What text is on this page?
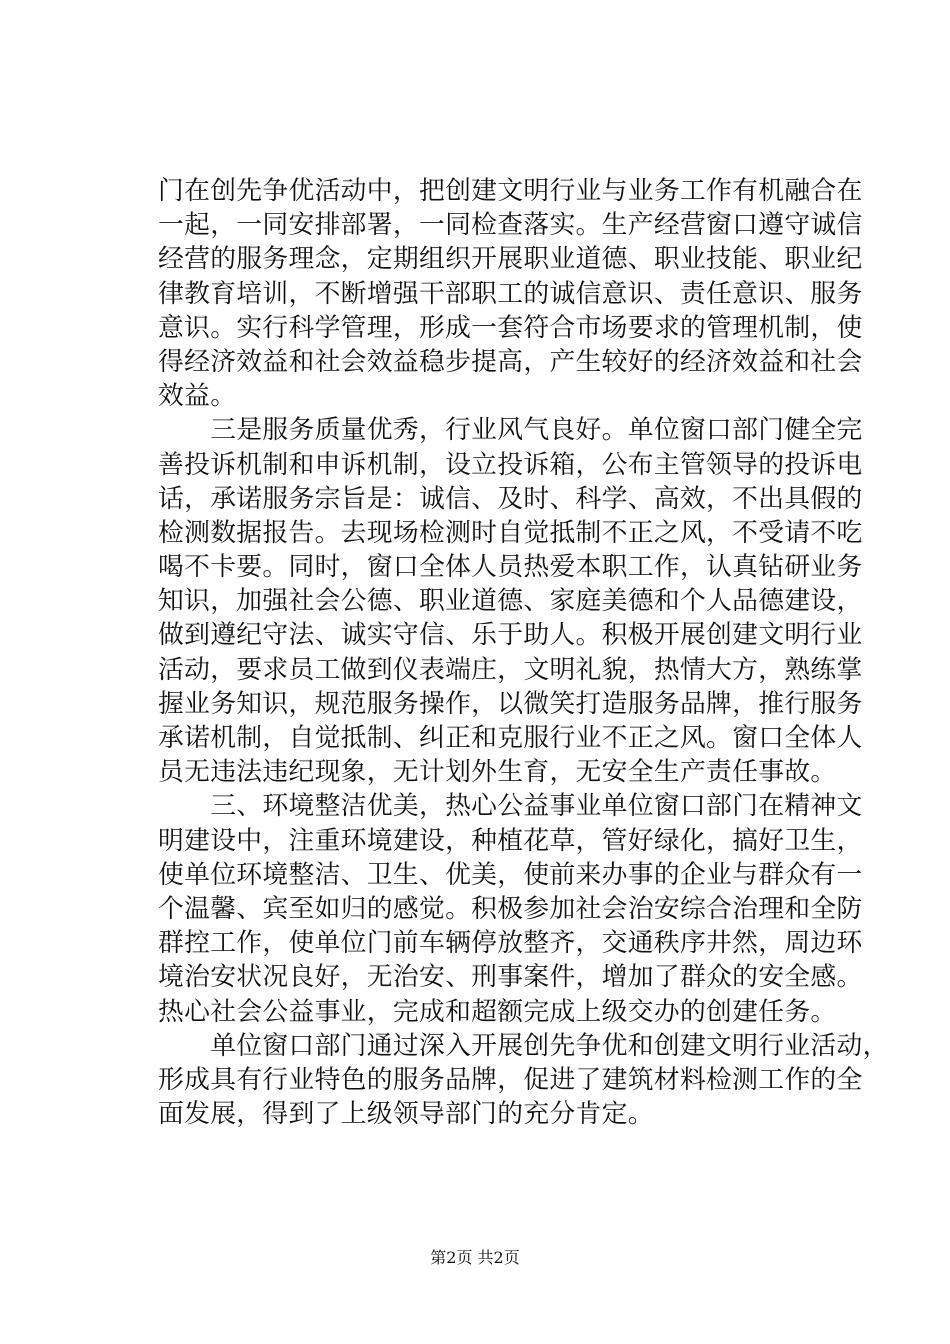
门在创先争优活动中，把创建文明行业与业务工作有机融合在
一起，一同安排部署，一同检查落实。生产经营窗口遵守诚信
经营的服务理念，定期组织开展职业道德、职业技能、职业纪
律教育培训，不断增强干部职工的诚信意识、责任意识、服务
意识。实行科学管理，形成一套符合市场要求的管理机制，使
得经济效益和社会效益稳步提高，产生较好的经济效益和社会
效益。
　　三是服务质量优秀，行业风气良好。单位窗口部门健全完
善投诉机制和申诉机制，设立投诉箱，公布主管领导的投诉电
话，承诺服务宗旨是：诚信、及时、科学、高效，不出具假的
检测数据报告。去现场检测时自觉抵制不正之风，不受请不吃
喝不卡要。同时，窗口全体人员热爱本职工作，认真钻研业务
知识，加强社会公德、职业道德、家庭美德和个人品德建设，
做到遵纪守法、诚实守信、乐于助人。积极开展创建文明行业
活动，要求员工做到仪表端庄，文明礼貌，热情大方，熟练掌
握业务知识，规范服务操作，以微笑打造服务品牌，推行服务
承诺机制，自觉抵制、纠正和克服行业不正之风。窗口全体人
员无违法违纪现象，无计划外生育，无安全生产责任事故。
　　三、环境整洁优美，热心公益事业单位窗口部门在精神文
明建设中，注重环境建设，种植花草，管好绿化，搞好卫生，
使单位环境整洁、卫生、优美，使前来办事的企业与群众有一
个温馨、宾至如归的感觉。积极参加社会治安综合治理和全防
群控工作，使单位门前车辆停放整齐，交通秩序井然，周边环
境治安状况良好，无治安、刑事案件，增加了群众的安全感。
热心社会公益事业，完成和超额完成上级交办的创建任务。
　　单位窗口部门通过深入开展创先争优和创建文明行业活动，
形成具有行业特色的服务品牌，促进了建筑材料检测工作的全
面发展，得到了上级领导部门的充分肯定。
第2页 共2页
